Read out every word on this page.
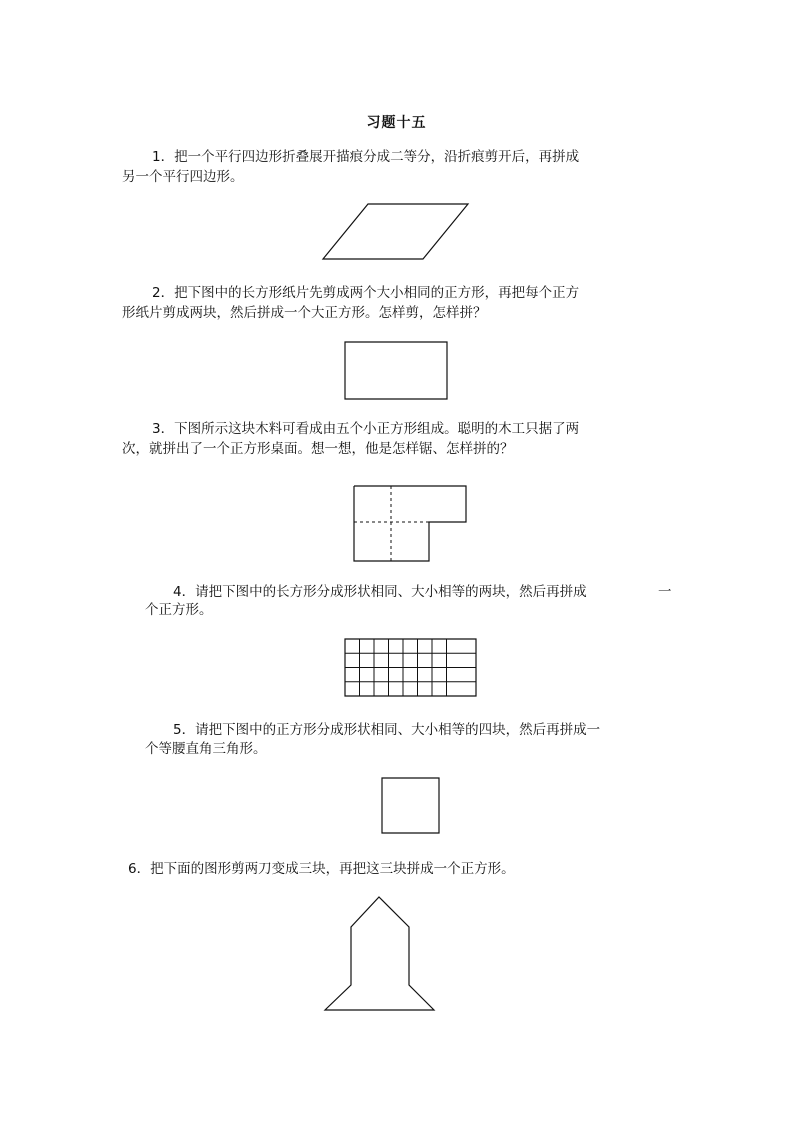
习题十五

1．把一个平行四边形折叠展开描痕分成二等分，沿折痕剪开后，再拼成

另一个平行四边形。

2．把下图中的长方形纸片先剪成两个大小相同的正方形，再把每个正方

形纸片剪成两块，然后拼成一个大正方形。怎样剪，怎样拼？

3．下图所示这块木料可看成由五个小正方形组成。聪明的木工只据了两

次，就拼出了一个正方形桌面。想一想，他是怎样锯、怎样拼的？

4．请把下图中的长方形分成形状相同、大小相等的两块，然后再拼成	一

个正方形。

5．请把下图中的正方形分成形状相同、大小相等的四块，然后再拼成一

个等腰直角三角形。

6．把下面的图形剪两刀变成三块，再把这三块拼成一个正方形。
